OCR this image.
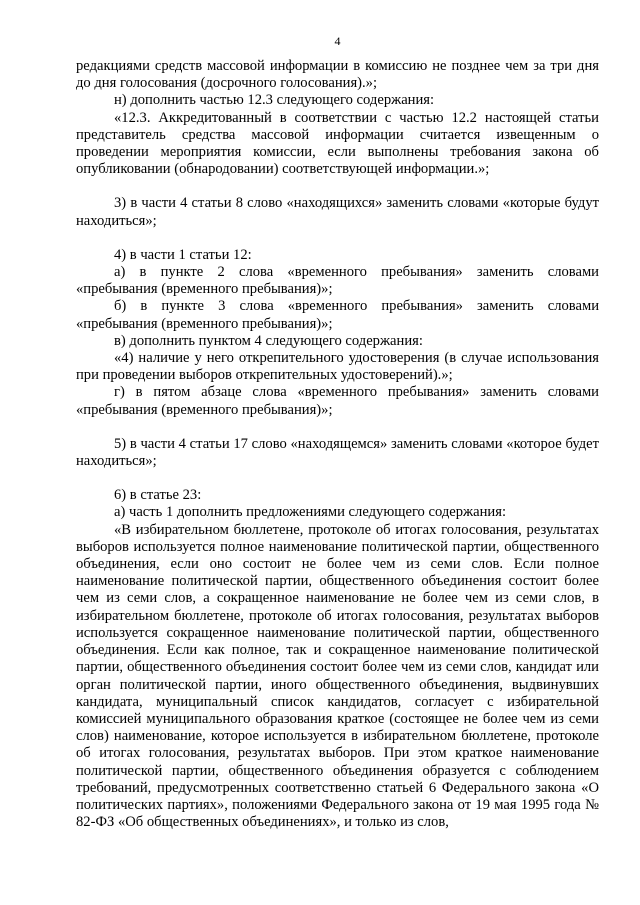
4

редакциями средств массовой информации в комиссию не позднее чем за три дня до дня голосования (досрочного голосования).»;

н) дополнить частью 12.3 следующего содержания:

«12.3. Аккредитованный в соответствии с частью 12.2 настоящей статьи представитель средства массовой информации считается извещенным о проведении мероприятия комиссии, если выполнены требования закона об опубликовании (обнародовании) соответствующей информации.»;

3) в части 4 статьи 8 слово «находящихся» заменить словами «которые будут находиться»;

4) в части 1 статьи 12:

а) в пункте 2 слова «временного пребывания» заменить словами «пребывания (временного пребывания)»;

б) в пункте 3 слова «временного пребывания» заменить словами «пребывания (временного пребывания)»;

в) дополнить пунктом 4 следующего содержания:

«4) наличие у него открепительного удостоверения (в случае использования при проведении выборов открепительных удостоверений).»;

г) в пятом абзаце слова «временного пребывания» заменить словами «пребывания (временного пребывания)»;

5) в части 4 статьи 17 слово «находящемся» заменить словами «которое будет находиться»;

6) в статье 23:

а) часть 1 дополнить предложениями следующего содержания:

«В избирательном бюллетене, протоколе об итогах голосования, результатах выборов используется полное наименование политической партии, общественного объединения, если оно состоит не более чем из семи слов. Если полное наименование политической партии, общественного объединения состоит более чем из семи слов, а сокращенное наименование не более чем из семи слов, в избирательном бюллетене, протоколе об итогах голосования, результатах выборов используется сокращенное наименование политической партии, общественного объединения. Если как полное, так и сокращенное наименование политической партии, общественного объединения состоит более чем из семи слов, кандидат или орган политической партии, иного общественного объединения, выдвинувших кандидата, муниципальный список кандидатов, согласует с избирательной комиссией муниципального образования краткое (состоящее не более чем из семи слов) наименование, которое используется в избирательном бюллетене, протоколе об итогах голосования, результатах выборов. При этом краткое наименование политической партии, общественного объединения образуется с соблюдением требований, предусмотренных соответственно статьей 6 Федерального закона «О политических партиях», положениями Федерального закона от 19 мая 1995 года № 82-ФЗ «Об общественных объединениях», и только из слов,
